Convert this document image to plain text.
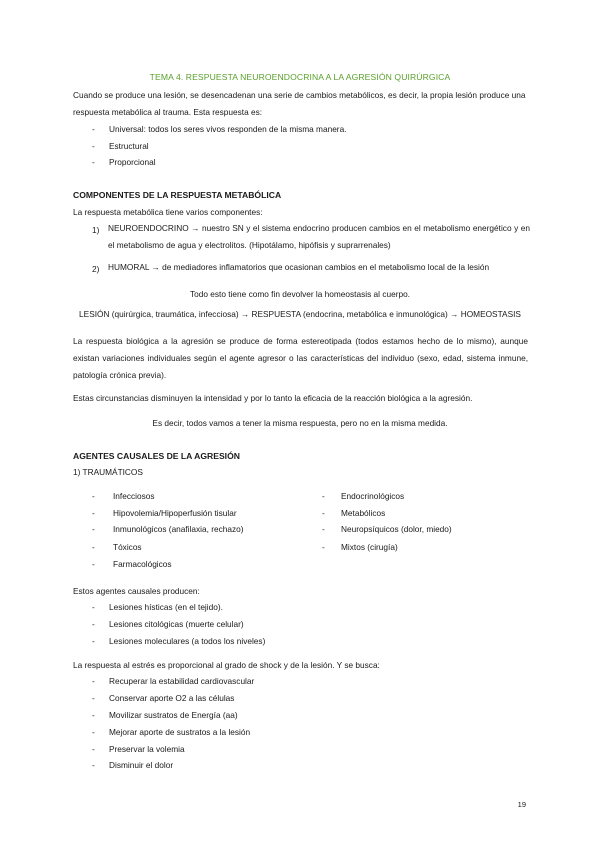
TEMA 4. RESPUESTA NEUROENDOCRINA A LA AGRESIÓN QUIRÚRGICA
Cuando se produce una lesión, se desencadenan una serie de cambios metabólicos, es decir, la propia lesión produce una respuesta metabólica al trauma. Esta respuesta es:
- Universal: todos los seres vivos responden de la misma manera.
- Estructural
- Proporcional
COMPONENTES DE LA RESPUESTA METABÓLICA
La respuesta metabólica tiene varios componentes:
1) NEUROENDOCRINO → nuestro SN y el sistema endocrino producen cambios en el metabolismo energético y en el metabolismo de agua y electrolitos. (Hipotálamo, hipófisis y suprarrenales)
2) HUMORAL → de mediadores inflamatorios que ocasionan cambios en el metabolismo local de la lesión
Todo esto tiene como fin devolver la homeostasis al cuerpo.
LESIÓN (quirúrgica, traumática, infecciosa) → RESPUESTA (endocrina, metabólica e inmunológica) → HOMEOSTASIS
La respuesta biológica a la agresión se produce de forma estereotipada (todos estamos hecho de lo mismo), aunque existan variaciones individuales según el agente agresor o las características del individuo (sexo, edad, sistema inmune, patología crónica previa).
Estas circunstancias disminuyen la intensidad y por lo tanto la eficacia de la reacción biológica a la agresión.
Es decir, todos vamos a tener la misma respuesta, pero no en la misma medida.
AGENTES CAUSALES DE LA AGRESIÓN
1) TRAUMÁTICOS
- Infecciosos
- Hipovolemia/Hipoperfusión tisular
- Inmunológicos (anafilaxia, rechazo)
- Tóxicos
- Farmacológicos
- Endocrinológicos
- Metabólicos
- Neuropsíquicos (dolor, miedo)
- Mixtos (cirugía)
Estos agentes causales producen:
- Lesiones hísticas (en el tejido).
- Lesiones citológicas (muerte celular)
- Lesiones moleculares (a todos los niveles)
La respuesta al estrés es proporcional al grado de shock y de la lesión. Y se busca:
- Recuperar la estabilidad cardiovascular
- Conservar aporte O2 a las células
- Movilizar sustratos de Energía (aa)
- Mejorar aporte de sustratos a la lesión
- Preservar la volemia
- Disminuir el dolor
19
